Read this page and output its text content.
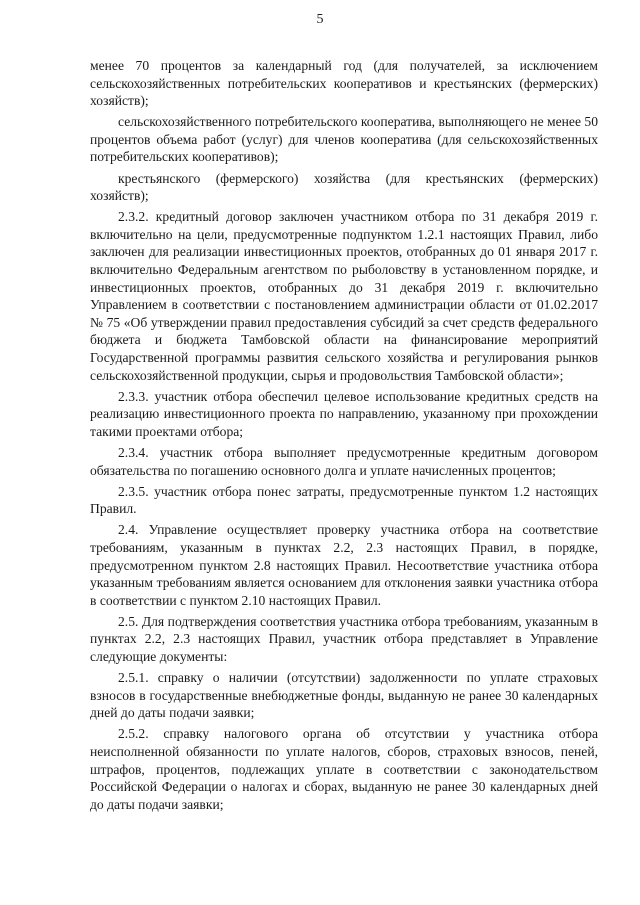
5

менее 70 процентов за календарный год (для получателей, за исключением сельскохозяйственных потребительских кооперативов и крестьянских (фермерских) хозяйств);

сельскохозяйственного потребительского кооператива, выполняющего не менее 50 процентов объема работ (услуг) для членов кооператива (для сельскохозяйственных потребительских кооперативов);

крестьянского (фермерского) хозяйства (для крестьянских (фермерских) хозяйств);

2.3.2. кредитный договор заключен участником отбора по 31 декабря 2019 г. включительно на цели, предусмотренные подпунктом 1.2.1 настоящих Правил, либо заключен для реализации инвестиционных проектов, отобранных до 01 января 2017 г. включительно Федеральным агентством по рыболовству в установленном порядке, и инвестиционных проектов, отобранных до 31 декабря 2019 г. включительно Управлением в соответствии с постановлением администрации области от 01.02.2017 № 75 «Об утверждении правил предоставления субсидий за счет средств федерального бюджета и бюджета Тамбовской области на финансирование мероприятий Государственной программы развития сельского хозяйства и регулирования рынков сельскохозяйственной продукции, сырья и продовольствия Тамбовской области»;

2.3.3. участник отбора обеспечил целевое использование кредитных средств на реализацию инвестиционного проекта по направлению, указанному при прохождении такими проектами отбора;

2.3.4. участник отбора выполняет предусмотренные кредитным договором обязательства по погашению основного долга и уплате начисленных процентов;

2.3.5. участник отбора понес затраты, предусмотренные пунктом 1.2 настоящих Правил.

2.4. Управление осуществляет проверку участника отбора на соответствие требованиям, указанным в пунктах 2.2, 2.3 настоящих Правил, в порядке, предусмотренном пунктом 2.8 настоящих Правил. Несоответствие участника отбора указанным требованиям является основанием для отклонения заявки участника отбора в соответствии с пунктом 2.10 настоящих Правил.

2.5. Для подтверждения соответствия участника отбора требованиям, указанным в пунктах 2.2, 2.3 настоящих Правил, участник отбора представляет в Управление следующие документы:

2.5.1. справку о наличии (отсутствии) задолженности по уплате страховых взносов в государственные внебюджетные фонды, выданную не ранее 30 календарных дней до даты подачи заявки;

2.5.2. справку налогового органа об отсутствии у участника отбора неисполненной обязанности по уплате налогов, сборов, страховых взносов, пеней, штрафов, процентов, подлежащих уплате в соответствии с законодательством Российской Федерации о налогах и сборах, выданную не ранее 30 календарных дней до даты подачи заявки;
